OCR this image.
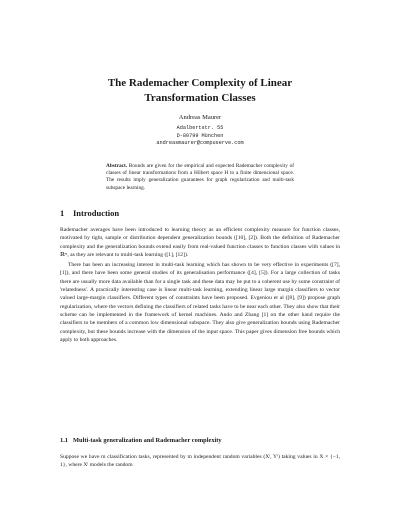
The Rademacher Complexity of Linear
Transformation Classes
Andreas Maurer
Adalbertstr. 55
D-80799 München
andreasmaurer@compuserve.com
Abstract. Bounds are given for the empirical and expected Rademacher complexity of classes of linear transformations from a Hilbert space H to a finite dimensional space. The results imply generalization guarantees for graph regularization and multi-task subspace learning.
1 Introduction

Rademacher averages have been introduced to learning theory as an efficient complexity measure for function classes, motivated by tight, sample or distribution dependent generalization bounds ([10], [2]). Both the definition of Rademacher complexity and the generalization bounds extend easily from real-valued function classes to function classes with values in ℝᵐ, as they are relevant to multi-task learning ([1], [12]).

There has been an increasing interest in multi-task learning which has shown to be very effective in experiments ([7], [1]), and there have been some general studies of its generalisation performance ([4], [5]). For a large collection of tasks there are usually more data available than for a single task and these data may be put to a coherent use by some constraint of 'relatedness'. A practically interesting case is linear multi-task learning, extending linear large margin classifiers to vector valued large-margin classifiers. Different types of constraints have been proposed. Evgeniou et al ([8], [9]) propose graph regularization, where the vectors defining the classifiers of related tasks have to be near each other. They also show that their scheme can be implemented in the framework of kernel machines. Ando and Zhang [1] on the other hand require the classifiers to be members of a common low dimensional subspace. They also give generalization bounds using Rademacher complexity, but these bounds increase with the dimension of the input space. This paper gives dimension free bounds which apply to both approaches.

1.1 Multi-task generalization and Rademacher complexity

Suppose we have m classification tasks, represented by m independent random variables (Xˡ, Yˡ) taking values in X × {−1, 1}, where Xˡ models the random
